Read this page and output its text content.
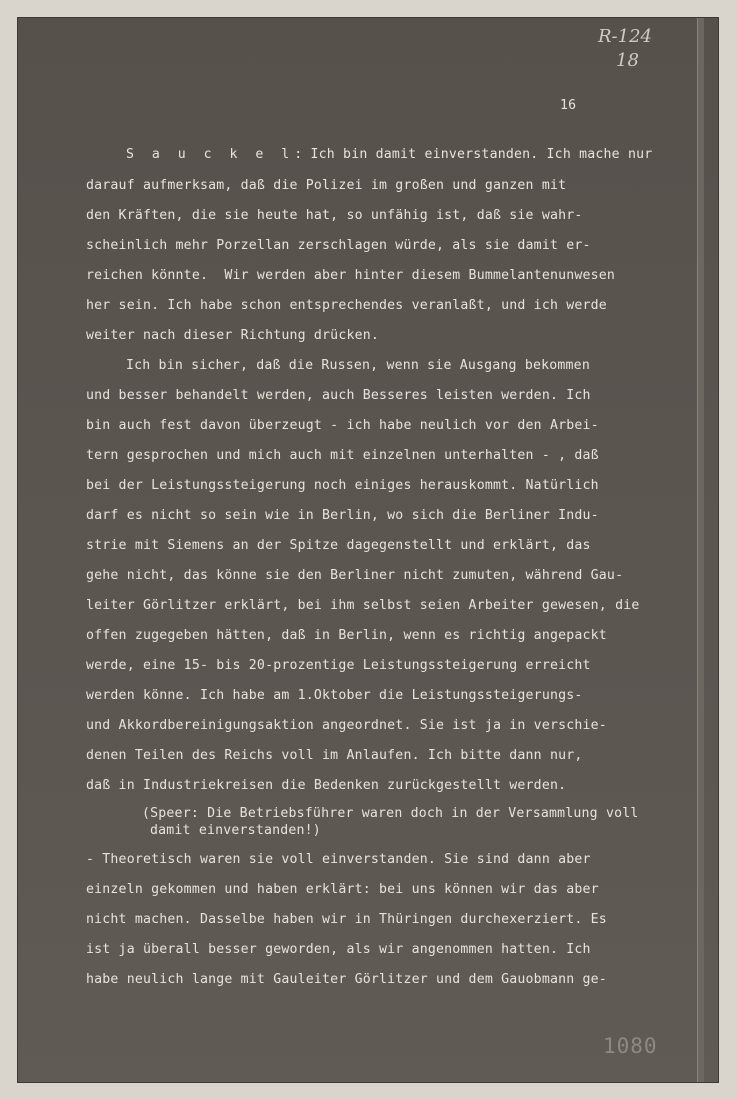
R-124
18
16
S a u c k e l: Ich bin damit einverstanden. Ich mache nur
darauf aufmerksam, daß die Polizei im großen und ganzen mit
den Kräften, die sie heute hat, so unfähig ist, daß sie wahr-
scheinlich mehr Porzellan zerschlagen würde, als sie damit er-
reichen könnte.  Wir werden aber hinter diesem Bummelantenunwesen
her sein. Ich habe schon entsprechendes veranlaßt, und ich werde
weiter nach dieser Richtung drücken.
Ich bin sicher, daß die Russen, wenn sie Ausgang bekommen
und besser behandelt werden, auch Besseres leisten werden. Ich
bin auch fest davon überzeugt - ich habe neulich vor den Arbei-
tern gesprochen und mich auch mit einzelnen unterhalten - , daß
bei der Leistungssteigerung noch einiges herauskommt. Natürlich
darf es nicht so sein wie in Berlin, wo sich die Berliner Indu-
strie mit Siemens an der Spitze dagegenstellt und erklärt, das
gehe nicht, das könne sie den Berliner nicht zumuten, während Gau-
leiter Görlitzer erklärt, bei ihm selbst seien Arbeiter gewesen, die
offen zugegeben hätten, daß in Berlin, wenn es richtig angepackt
werde, eine 15- bis 20-prozentige Leistungssteigerung erreicht
werden könne. Ich habe am 1.Oktober die Leistungssteigerungs-
und Akkordbereinigungsaktion angeordnet. Sie ist ja in verschie-
denen Teilen des Reichs voll im Anlaufen. Ich bitte dann nur,
daß in Industriekreisen die Bedenken zurückgestellt werden.
(Speer: Die Betriebsführer waren doch in der Versammlung voll
damit einverstanden!)
- Theoretisch waren sie voll einverstanden. Sie sind dann aber
einzeln gekommen und haben erklärt: bei uns können wir das aber
nicht machen. Dasselbe haben wir in Thüringen durchexerziert. Es
ist ja überall besser geworden, als wir angenommen hatten. Ich
habe neulich lange mit Gauleiter Görlitzer und dem Gauobmann ge-
1080
